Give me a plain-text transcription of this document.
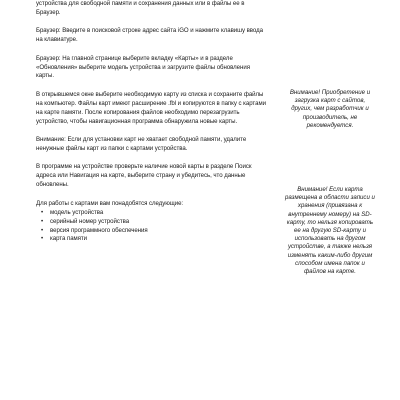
устройства для свободной памяти и сохранения данных или в файлы ее в Браузер.

Браузер: Введите в поисковой строке адрес сайта iGO и нажмите клавишу ввода на клавиатуре.

Браузер: На главной странице выберите вкладку «Карты» и в разделе «Обновления» выберите модель устройства и загрузите файлы обновления карты.

В открывшемся окне выберите необходимую карту из списка и сохраните файлы на компьютер. Файлы карт имеют расширение .fbl и копируются в папку с картами на карте памяти. После копирования файлов необходимо перезагрузить устройство, чтобы навигационная программа обнаружила новые карты.

Внимание: Если для установки карт не хватает свободной памяти, удалите ненужные файлы карт из папки с картами устройства.

В программе на устройстве проверьте наличие новой карты в разделе Поиск адреса или Навигация на карте, выберите страну и убедитесь, что данные обновлены.

Для работы с картами вам понадобятся следующие:

• модель устройства
• серийный номер устройства
• версия программного обеспечения
• карта памяти
Внимание! Приобретение и загрузка карт с сайтов, других, чем разработчик и производитель, не рекомендуется.
Внимание! Если карта размещена в области записи и хранения (привязана к внутреннему номеру) на SD-карту, то нельзя копировать ее на другую SD-карту и использовать на другом устройстве, а также нельзя изменять каким-либо другим способом имена папок и файлов на карте.
